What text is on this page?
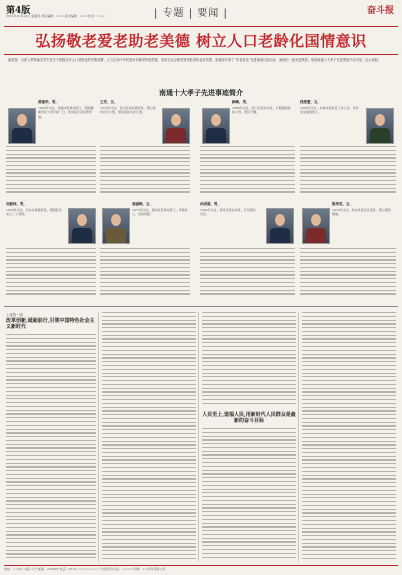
第4版
2021年10月14日 星期四 责任编辑：××× 美术编辑：××× 校对：×××	| 专题 | 要闻 |	奋斗报
弘扬敬老爱老助老美德 树立人口老龄化国情意识
编者按：为深入贯彻落实党中央关于积极应对人口老龄化的决策部署，大力弘扬中华民族孝亲敬老传统美德，营造全社会敬老爱老助老的良好氛围，南通市开展了“孝老爱亲”先进事迹评选活动，涌现出一批先进典型。现将南通十大孝子先进事迹予以刊发，以示表彰。
南通十大孝子先进事迹简介
黄建华，男，
1965年出生，南通市某单位职工，照顾瘫痪母亲十余年如一日，用实际行动诠释孝道。
王芳，女，
1972年出生，崇川区某街道居民，悉心照料年迈公婆，被邻里称为好儿媳。
顾峰，男，
1968年出生，海门区某村村民，长期照顾患病父母，坚持不懈。
钱斐蕾，女，
1980年出生，如皋市某社区工作人员，孝老爱亲事迹感人。
刘振林，男，
1958年出生，启东市某镇居民，照顾卧床老人二十余载。
周丽梅，女，
1975年出生，通州区某单位职工，孝敬老人，家庭和睦。
孙国强，男，
1962年出生，海安市某村村民，长年照料双亲。
陈秀英，女，
1970年出生，如东县某社区居民，悉心照顾婆婆。
上接第一版
改革创新,砥砺前行,引领中国特色社会主义新时代
人民至上,造福人民,用新时代人民群众是最新的奋斗目标
地址：××市××路××号 邮编：226000 电话：0513-×××××××× 广告经营许可证：×××× 印刷：××印务有限公司
